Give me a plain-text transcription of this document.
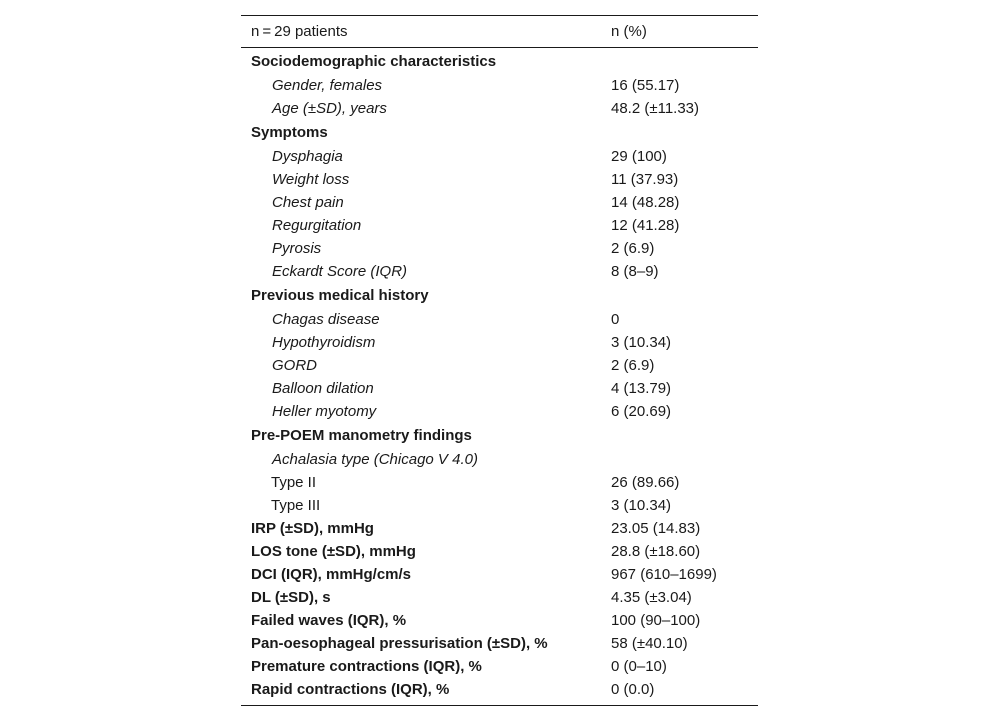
n = 29 patients	n (%)
Sociodemographic characteristics
Gender, females	16 (55.17)
Age (±SD), years	48.2 (±11.33)
Symptoms
Dysphagia	29 (100)
Weight loss	11 (37.93)
Chest pain	14 (48.28)
Regurgitation	12 (41.28)
Pyrosis	2 (6.9)
Eckardt Score (IQR)	8 (8–9)
Previous medical history
Chagas disease	0
Hypothyroidism	3 (10.34)
GORD	2 (6.9)
Balloon dilation	4 (13.79)
Heller myotomy	6 (20.69)
Pre-POEM manometry findings
Achalasia type (Chicago V 4.0)
Type II	26 (89.66)
Type III	3 (10.34)
IRP (±SD), mmHg	23.05 (14.83)
LOS tone (±SD), mmHg	28.8 (±18.60)
DCI (IQR), mmHg/cm/s	967 (610–1699)
DL (±SD), s	4.35 (±3.04)
Failed waves (IQR), %	100 (90–100)
Pan-oesophageal pressurisation (±SD), %	58 (±40.10)
Premature contractions (IQR), %	0 (0–10)
Rapid contractions (IQR), %	0 (0.0)
